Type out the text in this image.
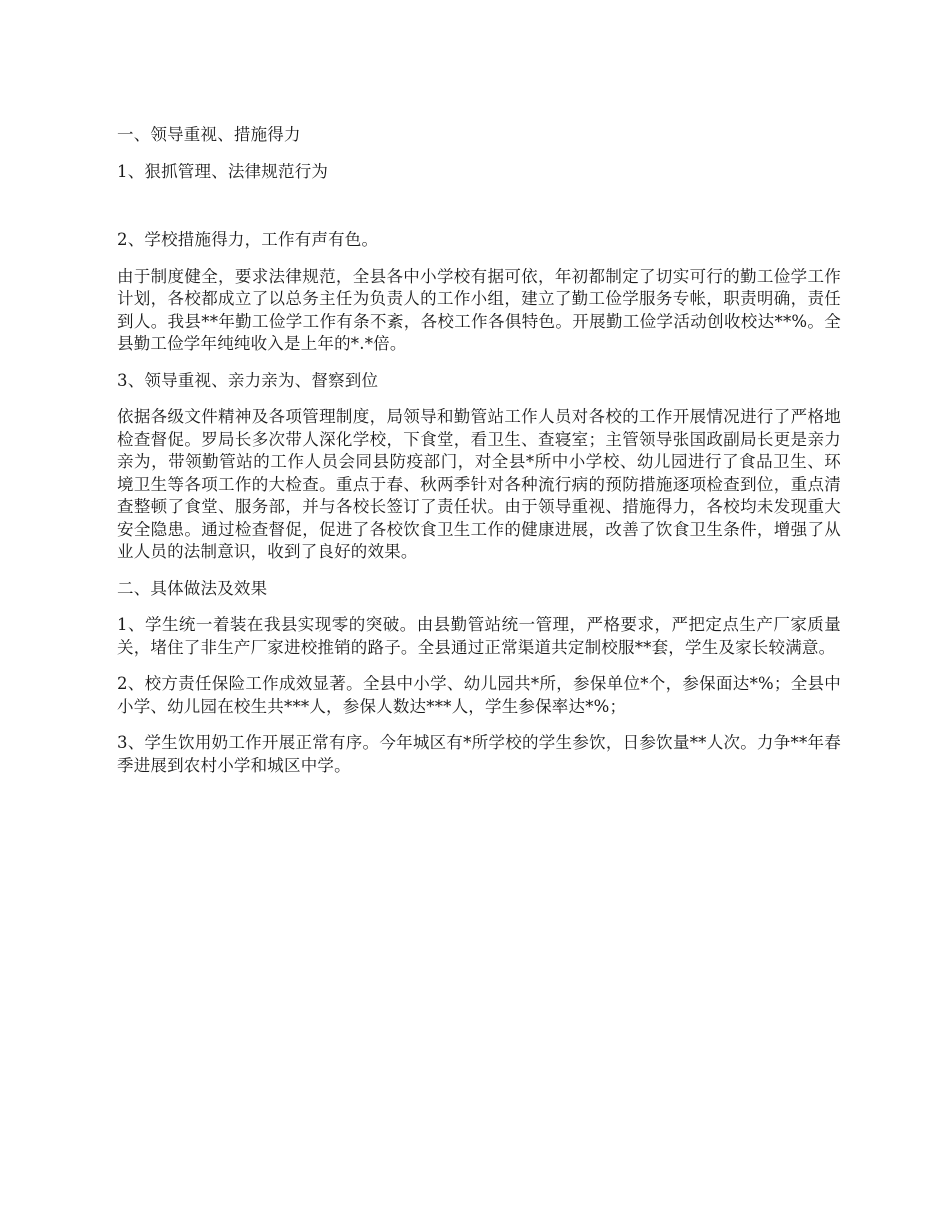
一、领导重视、措施得力

1、狠抓管理、法律规范行为

2、学校措施得力，工作有声有色。

由于制度健全，要求法律规范，全县各中小学校有据可依，年初都制定了切实可行的勤工俭学工作计划，各校都成立了以总务主任为负责人的工作小组，建立了勤工俭学服务专帐，职责明确，责任到人。我县**年勤工俭学工作有条不紊，各校工作各俱特色。开展勤工俭学活动创收校达**%。全县勤工俭学年纯纯收入是上年的*.*倍。

3、领导重视、亲力亲为、督察到位

依据各级文件精神及各项管理制度，局领导和勤管站工作人员对各校的工作开展情况进行了严格地检查督促。罗局长多次带人深化学校，下食堂，看卫生、查寝室；主管领导张国政副局长更是亲力亲为，带领勤管站的工作人员会同县防疫部门，对全县*所中小学校、幼儿园进行了食品卫生、环境卫生等各项工作的大检查。重点于春、秋两季针对各种流行病的预防措施逐项检查到位，重点清查整顿了食堂、服务部，并与各校长签订了责任状。由于领导重视、措施得力，各校均未发现重大安全隐患。通过检查督促，促进了各校饮食卫生工作的健康进展，改善了饮食卫生条件，增强了从业人员的法制意识，收到了良好的效果。

二、具体做法及效果

1、学生统一着装在我县实现零的突破。由县勤管站统一管理，严格要求，严把定点生产厂家质量关，堵住了非生产厂家进校推销的路子。全县通过正常渠道共定制校服**套，学生及家长较满意。

2、校方责任保险工作成效显著。全县中小学、幼儿园共*所，参保单位*个，参保面达*%；全县中小学、幼儿园在校生共***人，参保人数达***人，学生参保率达*%；

3、学生饮用奶工作开展正常有序。今年城区有*所学校的学生参饮，日参饮量**人次。力争**年春季进展到农村小学和城区中学。
